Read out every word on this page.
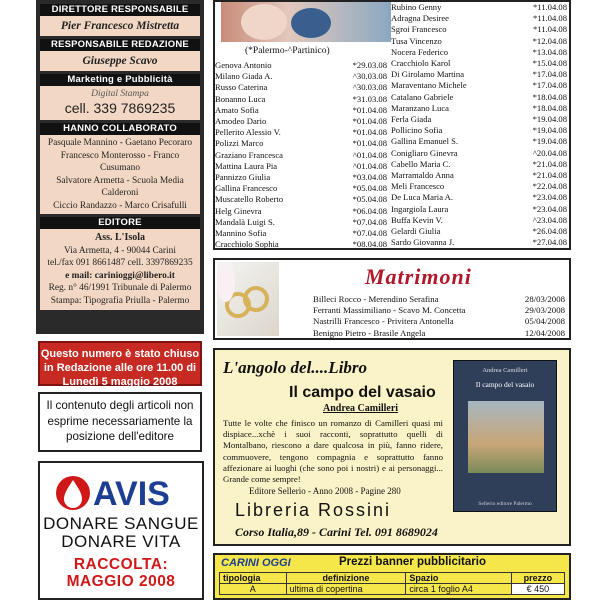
DIRETTORE RESPONSABILE
Pier Francesco Mistretta
RESPONSABILE REDAZIONE
Giuseppe Scavo
Marketing e Pubblicità
Digital Stampa
cell. 339 7869235
HANNO COLLABORATO
Pasquale Mannino - Gaetano Pecoraro
Francesco Monterosso - Franco Cusumano
Salvatore Armetta - Scuola Media Calderoni
Ciccio Randazzo - Marco Crisafulli
EDITORE
Ass. L'Isola
Via Armetta, 4 - 90044 Carini
tel./fax 091 8661487 cell. 3397869235
e mail: carinioggi@libero.it
Reg. n° 46/1991 Tribunale di Palermo
Stampa: Tipografia Priulla - Palermo
Questo numero è stato chiuso in Redazione alle ore 11.00 di Lunedì 5 maggio 2008
Il contenuto degli articoli non esprime necessariamente la posizione dell'editore
AVIS
DONARE SANGUE
DONARE VITA
RACCOLTA:
MAGGIO 2008
(*Palermo-^Partinico)
Genova Antonio	*29.03.08
Milano Giada A.	^30.03.08
Russo Caterina	^30.03.08
Bonanno Luca	*31.03.08
Amato Sofia	*01.04.08
Amodeo Dario	*01.04.08
Pellerito Alessio V.	*01.04.08
Polizzi Marco	*01.04.08
Graziano Francesca	^01.04.08
Mattina Laura Pia	^01.04.08
Pannizzo Giulia	*03.04.08
Gallina Francesco	*05.04.08
Muscatello Roberto	*05.04.08
Helg Ginevra	*06.04.08
Mandalà Luigi S.	*07.04.08
Mannino Sofia	*07.04.08
Cracchiolo Sophia	*08.04.08
Rubino Genny	*11.04.08
Adragna Desiree	*11.04.08
Sgroi Francesco	*11.04.08
Tusa Vincenzo	*12.04.08
Nocera Federico	*13.04.08
Cracchiolo Karol	*15.04.08
Di Girolamo Martina	*17.04.08
Maraventano Michele	*17.04.08
Catalano Gabriele	*18.04.08
Maranzano Luca	*18.04.08
Ferla Giada	*19.04.08
Pollicino Sofia	*19.04.08
Gallina Emanuel S.	*19.04.08
Conigliaro Ginevra	^20.04.08
Cabello Maria C.	*21.04.08
Marramaldo Anna	*21.04.08
Meli Francesco	*22.04.08
De Luca Maria A.	*23.04.08
Ingargiola Laura	*23.04.08
Buffa Kevin V.	^23.04.08
Gelardi Giulia	*26.04.08
Sardo Giovanna J.	*27.04.08
Matrimoni
Billeci Rocco - Merendino Serafina	28/03/2008
Ferranti Massimiliano - Scavo M. Concetta	29/03/2008
Nastrilli Francesco - Privitera Antonella	05/04/2008
Benigno Pietro - Brasile Angela	12/04/2008
L'angolo del....Libro
Il campo del vasaio
Andrea Camilleri
Tutte le volte che finisco un romanzo di Camilleri quasi mi dispiace...xchè i suoi racconti, soprattutto quelli di Montalbano, riescono a dare qualcosa in più, fanno ridere, commuovere, tengono compagnia e soprattutto fanno affezionare ai luoghi (che sono poi i nostri) e ai personaggi... Grande come sempre!
Editore Sellerio - Anno 2008 - Pagine 280
Libreria Rossini
Corso Italia,89 - Carini Tel. 091 8689024
Andrea Camilleri
Il campo del vasaio
Sellerio editore Palermo
CARINI OGGI	Prezzi banner pubblicitario
tipologia	definizione	Spazio	prezzo
A	ultima di copertina	circa 1 foglio A4	€ 450
